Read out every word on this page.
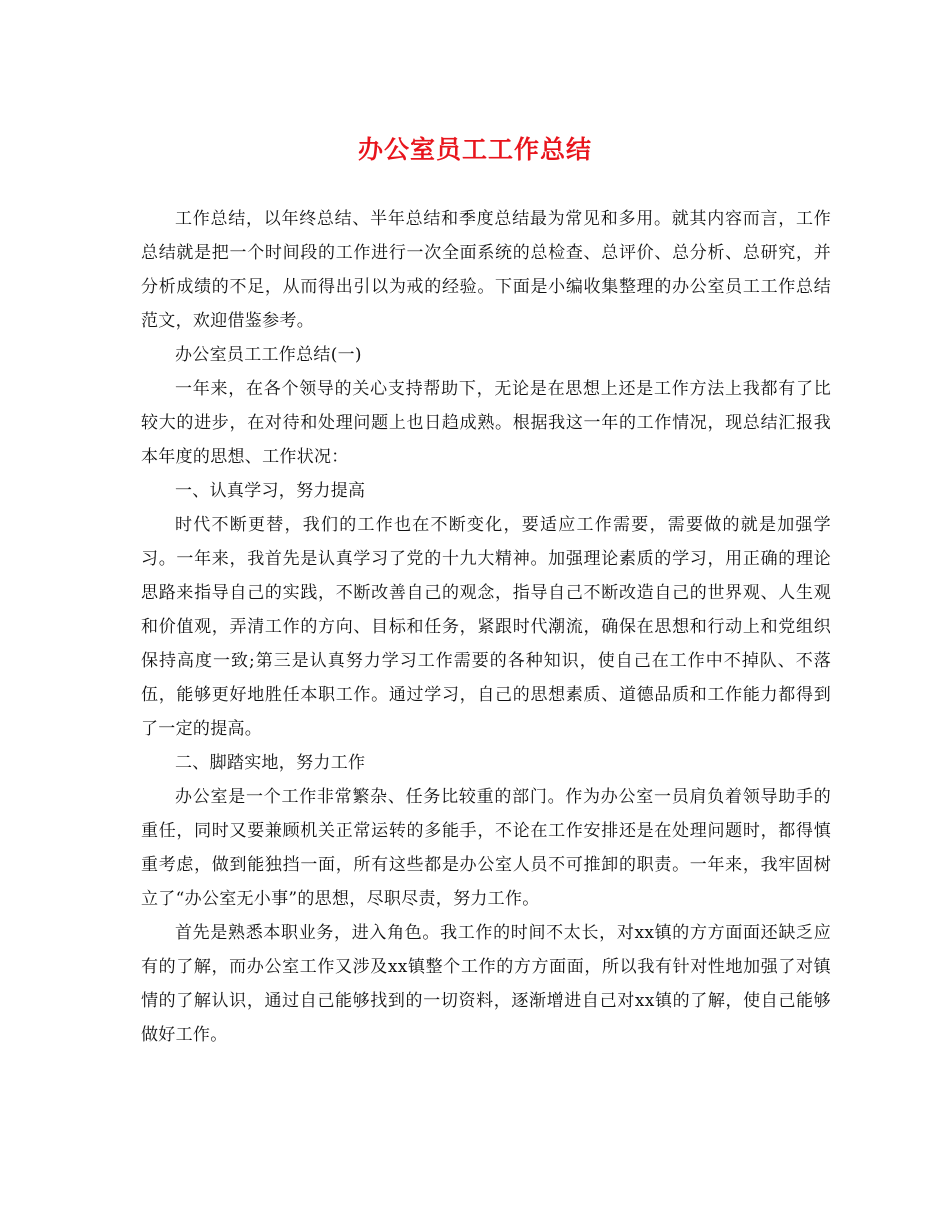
办公室员工工作总结

工作总结，以年终总结、半年总结和季度总结最为常见和多用。就其内容而言，工作总结就是把一个时间段的工作进行一次全面系统的总检查、总评价、总分析、总研究，并分析成绩的不足，从而得出引以为戒的经验。下面是小编收集整理的办公室员工工作总结范文，欢迎借鉴参考。

办公室员工工作总结(一)

一年来，在各个领导的关心支持帮助下，无论是在思想上还是工作方法上我都有了比较大的进步，在对待和处理问题上也日趋成熟。根据我这一年的工作情况，现总结汇报我本年度的思想、工作状况：

一、认真学习，努力提高

时代不断更替，我们的工作也在不断变化，要适应工作需要，需要做的就是加强学习。一年来，我首先是认真学习了党的十九大精神。加强理论素质的学习，用正确的理论思路来指导自己的实践，不断改善自己的观念，指导自己不断改造自己的世界观、人生观和价值观，弄清工作的方向、目标和任务，紧跟时代潮流，确保在思想和行动上和党组织保持高度一致;第三是认真努力学习工作需要的各种知识，使自己在工作中不掉队、不落伍，能够更好地胜任本职工作。通过学习，自己的思想素质、道德品质和工作能力都得到了一定的提高。

二、脚踏实地，努力工作

办公室是一个工作非常繁杂、任务比较重的部门。作为办公室一员肩负着领导助手的重任，同时又要兼顾机关正常运转的多能手，不论在工作安排还是在处理问题时，都得慎重考虑，做到能独挡一面，所有这些都是办公室人员不可推卸的职责。一年来，我牢固树立了“办公室无小事”的思想，尽职尽责，努力工作。

首先是熟悉本职业务，进入角色。我工作的时间不太长，对xx镇的方方面面还缺乏应有的了解，而办公室工作又涉及xx镇整个工作的方方面面，所以我有针对性地加强了对镇情的了解认识，通过自己能够找到的一切资料，逐渐增进自己对xx镇的了解，使自己能够做好工作。
